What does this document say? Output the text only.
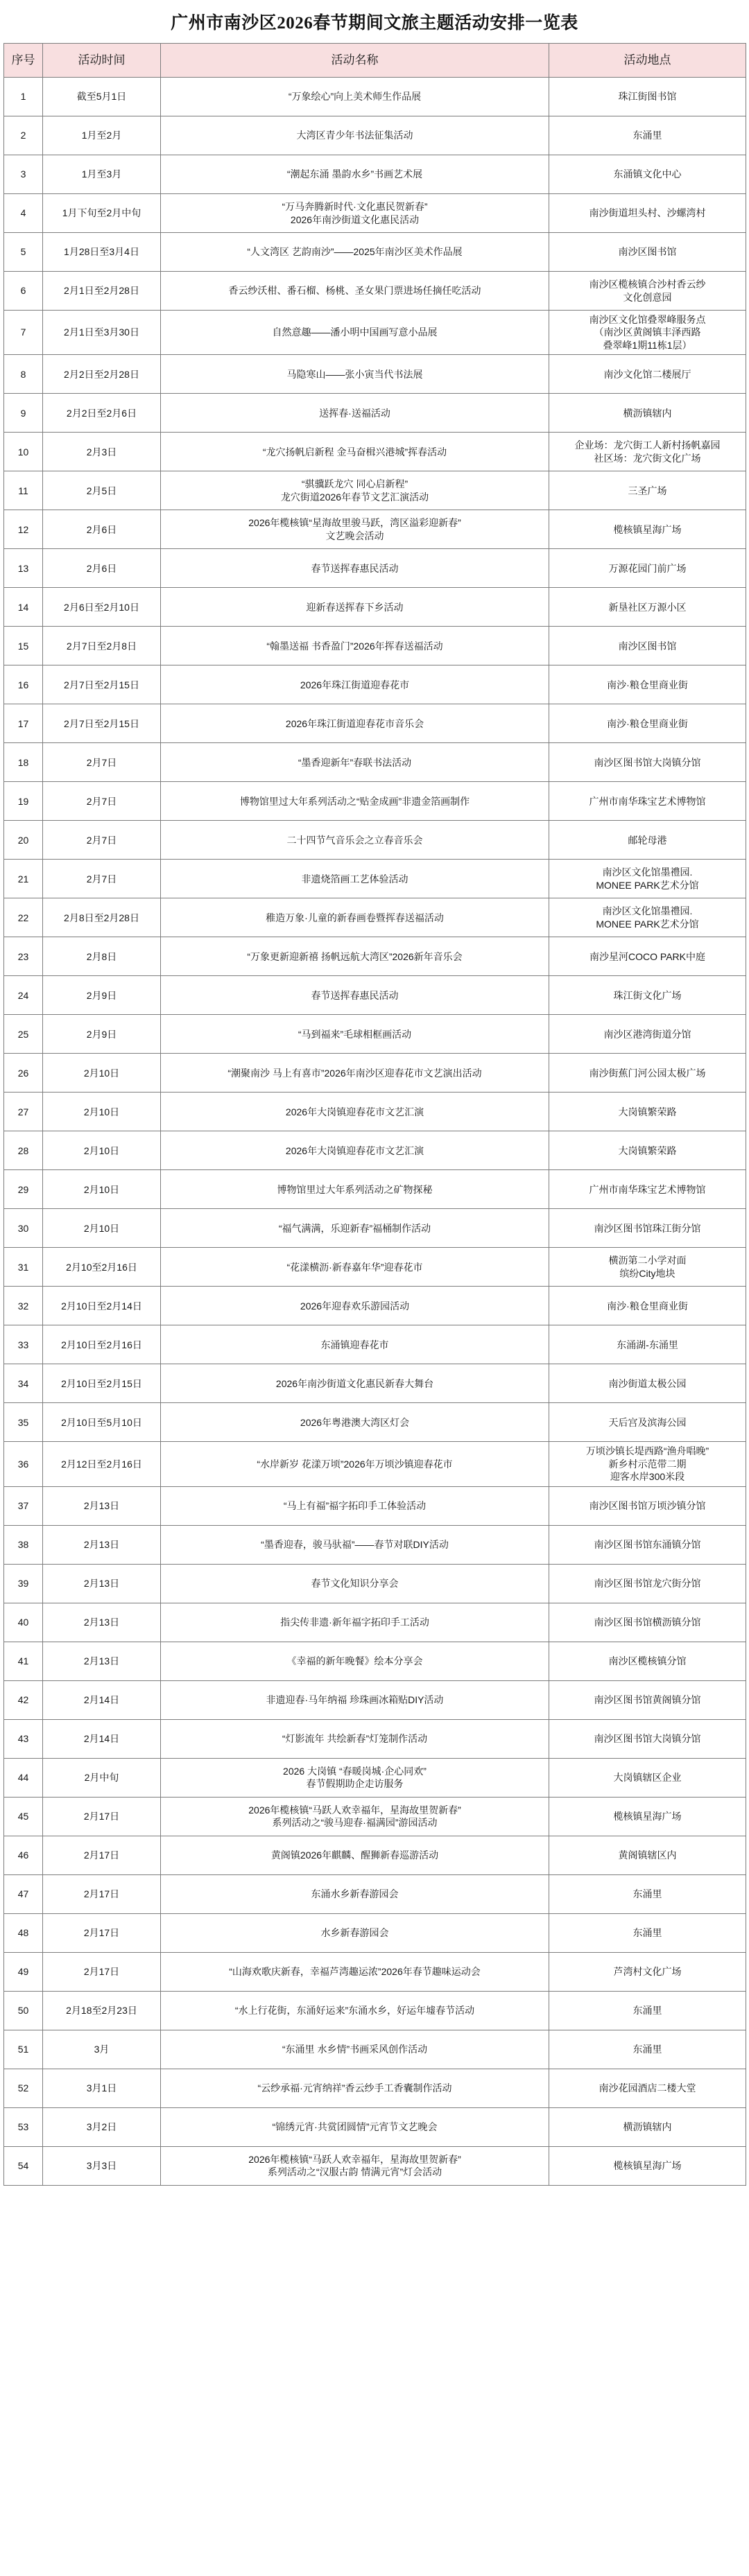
广州市南沙区2026春节期间文旅主题活动安排一览表
序号	活动时间	活动名称	活动地点
1	截至5月1日	“万象绘心”向上美术师生作品展	珠江街图书馆

2	1月至2月	大湾区青少年书法征集活动	东涌里

3	1月至3月	“潮起东涌 墨韵水乡”书画艺术展	东涌镇文化中心

4	1月下旬至2月中旬	“万马奔腾新时代·文化惠民贺新春”
2026年南沙街道文化惠民活动	南沙街道坦头村、沙螺湾村

5	1月28日至3月4日	“人文湾区 艺韵南沙”——2025年南沙区美术作品展	南沙区图书馆

6	2月1日至2月28日	香云纱沃柑、番石榴、杨桃、圣女果门票进场任摘任吃活动	南沙区榄核镇合沙村香云纱
文化创意园

7	2月1日至3月30日	自然意趣——潘小明中国画写意小品展	南沙区文化馆叠翠峰服务点
（南沙区黄阁镇丰泽西路
叠翠峰1期11栋1层）

8	2月2日至2月28日	马隐寒山——张小寅当代书法展	南沙文化馆二楼展厅

9	2月2日至2月6日	送挥春·送福活动	横沥镇辖内

10	2月3日	“龙穴扬帆启新程 金马奋楫兴港城”挥春活动	企业场：龙穴街工人新村扬帆嘉园
社区场：龙穴街文化广场

11	2月5日	“骐骥跃龙穴 同心启新程”
龙穴街道2026年春节文艺汇演活动	三圣广场

12	2月6日	2026年榄核镇“星海故里骏马跃，湾区溢彩迎新春”
文艺晚会活动	榄核镇星海广场

13	2月6日	春节送挥春惠民活动	万源花园门前广场

14	2月6日至2月10日	迎新春送挥春下乡活动	新垦社区万源小区

15	2月7日至2月8日	“翰墨送福 书香盈门”2026年挥春送福活动	南沙区图书馆

16	2月7日至2月15日	2026年珠江街道迎春花市	南沙·粮仓里商业街

17	2月7日至2月15日	2026年珠江街道迎春花市音乐会	南沙·粮仓里商业街

18	2月7日	“墨香迎新年”春联书法活动	南沙区图书馆大岗镇分馆

19	2月7日	博物馆里过大年系列活动之“贴金成画”非遗金箔画制作	广州市南华珠宝艺术博物馆

20	2月7日	二十四节气音乐会之立春音乐会	邮轮母港

21	2月7日	非遗烧箔画工艺体验活动	南沙区文化馆墨禮园.
MONEE PARK艺术分馆

22	2月8日至2月28日	稚造万象·儿童的新春画卷暨挥春送福活动	南沙区文化馆墨禮园.
MONEE PARK艺术分馆

23	2月8日	“万象更新迎新禧 扬帆远航大湾区”2026新年音乐会	南沙星河COCO PARK中庭

24	2月9日	春节送挥春惠民活动	珠江街文化广场

25	2月9日	“马到福来”毛球相框画活动	南沙区港湾街道分馆

26	2月10日	“潮聚南沙 马上有喜市”2026年南沙区迎春花市文艺演出活动	南沙街蕉门河公园太极广场

27	2月10日	2026年大岗镇迎春花市文艺汇演	大岗镇繁荣路

28	2月10日	2026年大岗镇迎春花市文艺汇演	大岗镇繁荣路

29	2月10日	博物馆里过大年系列活动之矿物探秘	广州市南华珠宝艺术博物馆

30	2月10日	“福气满满，乐迎新春”福桶制作活动	南沙区图书馆珠江街分馆

31	2月10至2月16日	“花漾横沥·新春嘉年华”迎春花市	横沥第二小学对面
缤纷City地块

32	2月10日至2月14日	2026年迎春欢乐游园活动	南沙·粮仓里商业街

33	2月10日至2月16日	东涌镇迎春花市	东涌湖-东涌里

34	2月10日至2月15日	2026年南沙街道文化惠民新春大舞台	南沙街道太极公园

35	2月10日至5月10日	2026年粤港澳大湾区灯会	天后宫及滨海公园

36	2月12日至2月16日	“水岸新岁 花漾万顷”2026年万顷沙镇迎春花市	万顷沙镇长堤西路“渔舟唱晚”
新乡村示范带二期
迎客水岸300米段

37	2月13日	“马上有福”福字拓印手工体验活动	南沙区图书馆万顷沙镇分馆

38	2月13日	“墨香迎春，骏马驮福”——春节对联DIY活动	南沙区图书馆东涌镇分馆

39	2月13日	春节文化知识分享会	南沙区图书馆龙穴街分馆

40	2月13日	指尖传非遗·新年福字拓印手工活动	南沙区图书馆横沥镇分馆

41	2月13日	《幸福的新年晚餐》绘本分享会	南沙区榄核镇分馆

42	2月14日	非遗迎春·马年纳福 珍珠画冰箱贴DIY活动	南沙区图书馆黄阁镇分馆

43	2月14日	“灯影流年 共绘新春”灯笼制作活动	南沙区图书馆大岗镇分馆

44	2月中旬	2026 大岗镇 “春暖岗城·企心同欢”
春节假期助企走访服务	大岗镇辖区企业

45	2月17日	2026年榄核镇“马跃人欢幸福年，星海故里贺新春”
系列活动之“骏马迎春·福满园”游园活动	榄核镇星海广场

46	2月17日	黄阁镇2026年麒麟、醒狮新春巡游活动	黄阁镇辖区内

47	2月17日	东涌水乡新春游园会	东涌里

48	2月17日	水乡新春游园会	东涌里

49	2月17日	“山海欢歌庆新春，幸福芦湾趣运浓”2026年春节趣味运动会	芦湾村文化广场

50	2月18至2月23日	“水上行花街，东涌好运来”东涌水乡，好运年墟春节活动	东涌里

51	3月	“东涌里 水乡情”书画采风创作活动	东涌里

52	3月1日	“云纱承福·元宵纳祥”香云纱手工香囊制作活动	南沙花园酒店二楼大堂

53	3月2日	“锦绣元宵·共赏团圆情”元宵节文艺晚会	横沥镇辖内

54	3月3日	2026年榄核镇“马跃人欢幸福年，星海故里贺新春”
系列活动之“汉服古韵 情满元宵”灯会活动	榄核镇星海广场
